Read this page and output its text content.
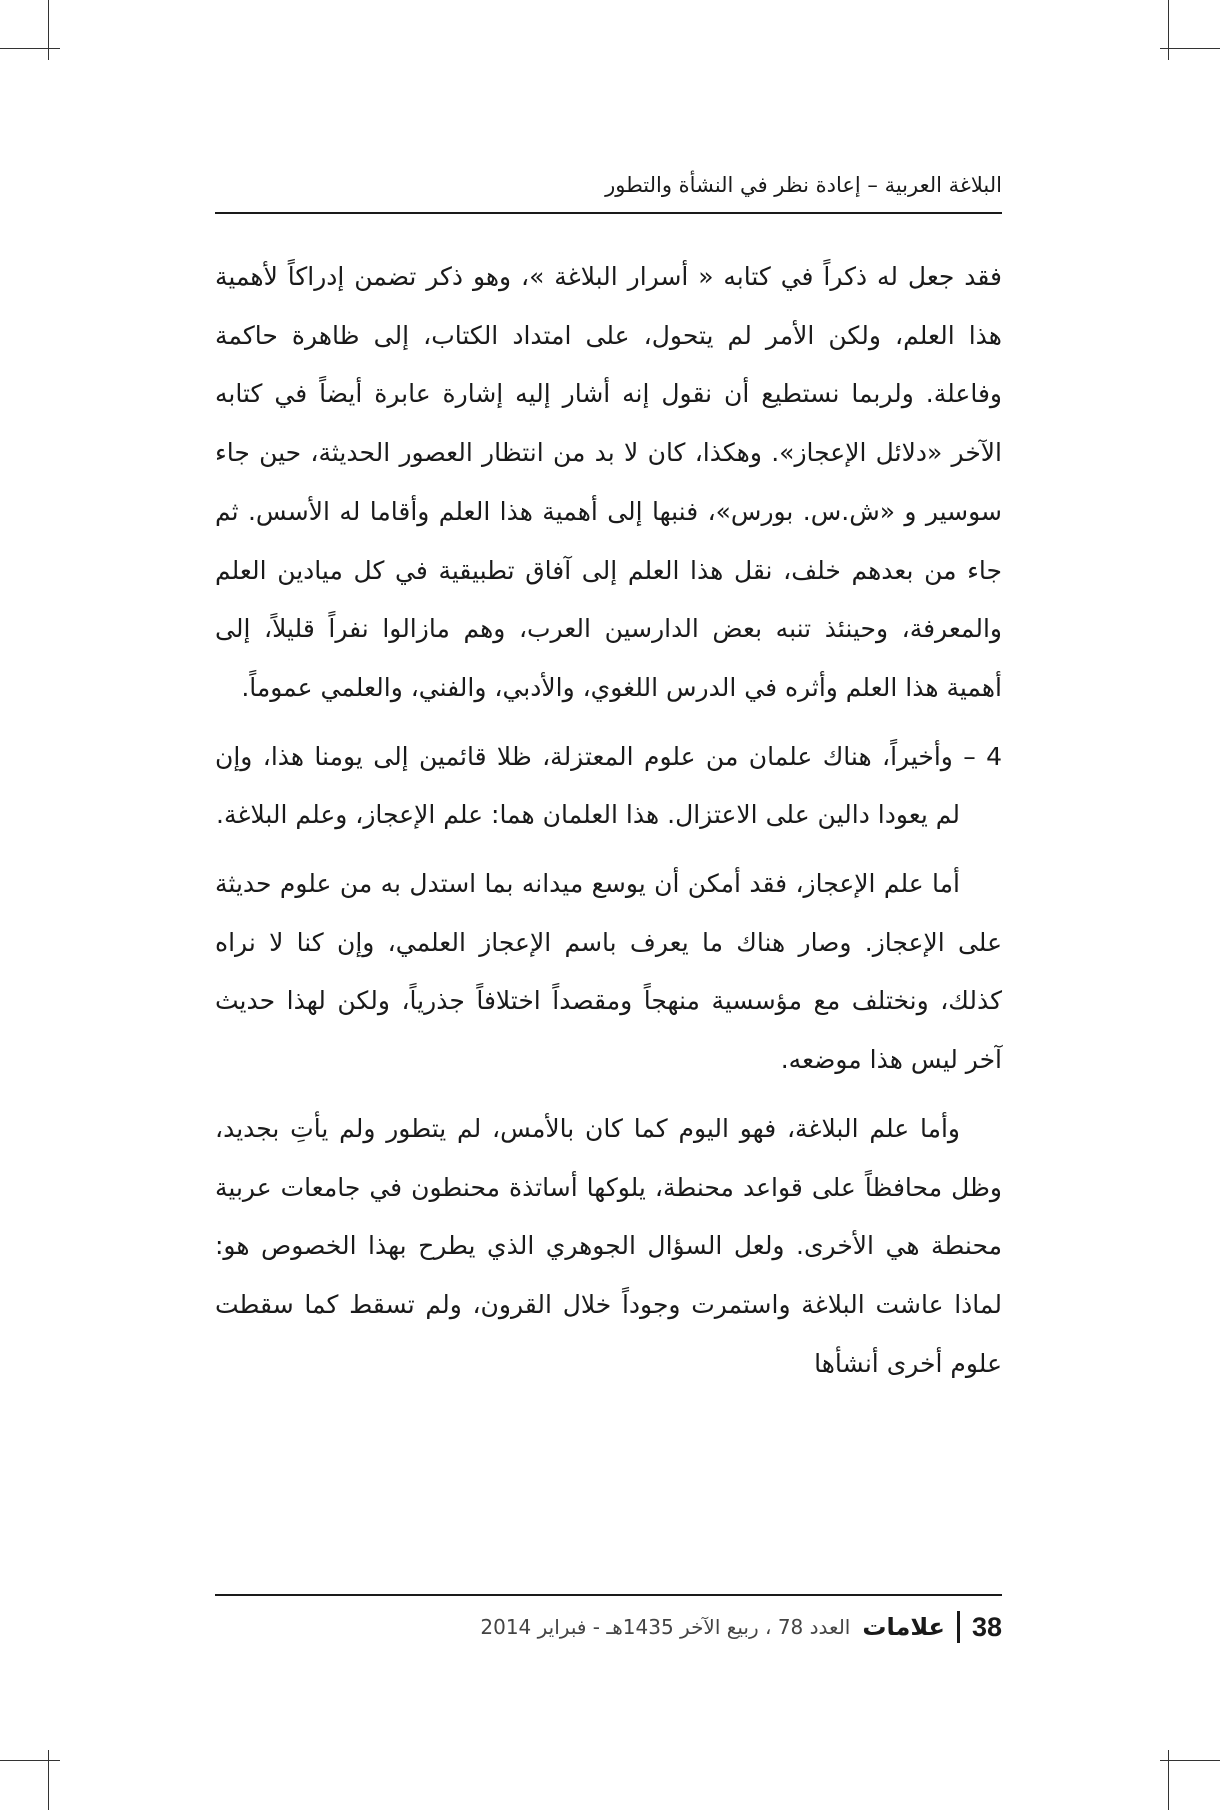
البلاغة العربية – إعادة نظر في النشأة والتطور

فقد جعل له ذكراً في كتابه « أسرار البلاغة »، وهو ذكر تضمن إدراكاً لأهمية هذا العلم، ولكن الأمر لم يتحول، على امتداد الكتاب، إلى ظاهرة حاكمة وفاعلة. ولربما نستطيع أن نقول إنه أشار إليه إشارة عابرة أيضاً في كتابه الآخر «دلائل الإعجاز». وهكذا، كان لا بد من انتظار العصور الحديثة، حين جاء سوسير و «ش.س. بورس»، فنبها إلى أهمية هذا العلم وأقاما له الأسس. ثم جاء من بعدهم خلف، نقل هذا العلم إلى آفاق تطبيقية في كل ميادين العلم والمعرفة، وحينئذ تنبه بعض الدارسين العرب، وهم مازالوا نفراً قليلاً، إلى أهمية هذا العلم وأثره في الدرس اللغوي، والأدبي، والفني، والعلمي عموماً.

4 – وأخيراً، هناك علمان من علوم المعتزلة، ظلا قائمين إلى يومنا هذا، وإن لم يعودا دالين على الاعتزال. هذا العلمان هما: علم الإعجاز، وعلم البلاغة.

أما علم الإعجاز، فقد أمكن أن يوسع ميدانه بما استدل به من علوم حديثة على الإعجاز. وصار هناك ما يعرف باسم الإعجاز العلمي، وإن كنا لا نراه كذلك، ونختلف مع مؤسسية منهجاً ومقصداً اختلافاً جذرياً، ولكن لهذا حديث آخر ليس هذا موضعه.

وأما علم البلاغة، فهو اليوم كما كان بالأمس، لم يتطور ولم يأتِ بجديد، وظل محافظاً على قواعد محنطة، يلوكها أساتذة محنطون في جامعات عربية محنطة هي الأخرى. ولعل السؤال الجوهري الذي يطرح بهذا الخصوص هو: لماذا عاشت البلاغة واستمرت وجوداً خلال القرون، ولم تسقط كما سقطت علوم أخرى أنشأها

38
علامات
العدد 78 ، ربيع الآخر 1435هـ - فبراير 2014
